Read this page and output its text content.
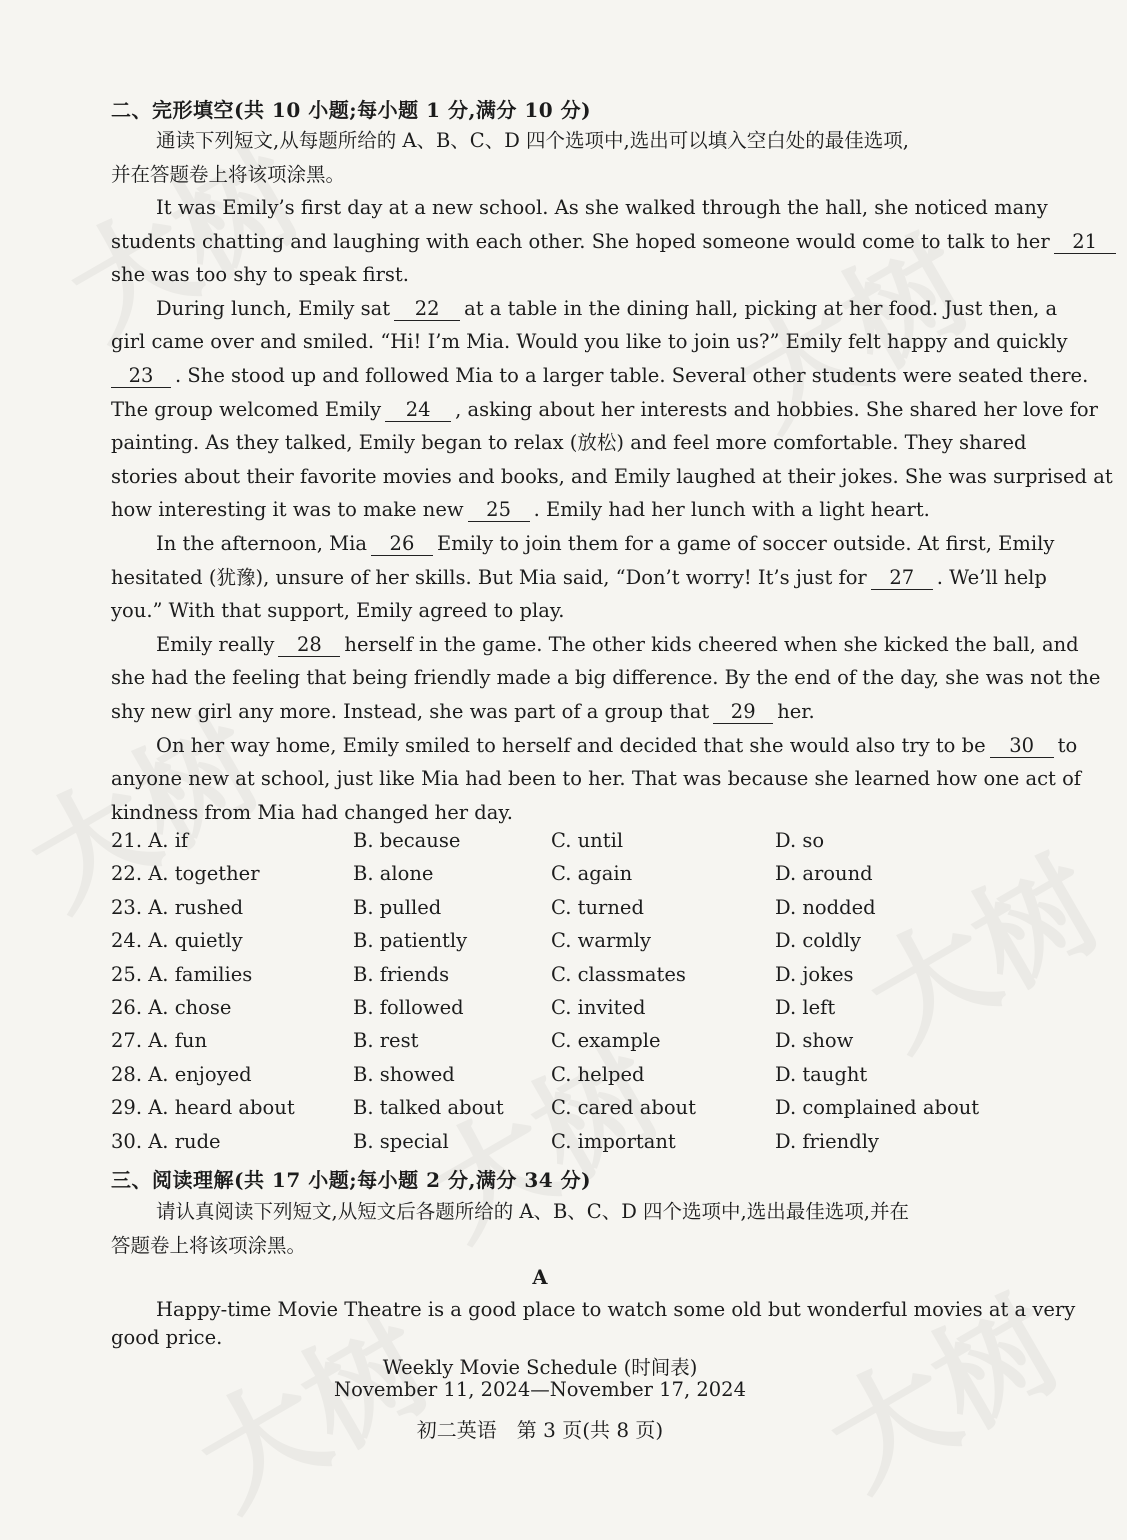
二、完形填空(共 10 小题;每小题 1 分,满分 10 分)
通读下列短文,从每题所给的 A、B、C、D 四个选项中,选出可以填入空白处的最佳选项,
并在答题卷上将该项涂黑。
It was Emily’s first day at a new school. As she walked through the hall, she noticed many
students chatting and laughing with each other. She hoped someone would come to talk to her 21
she was too shy to speak first.
During lunch, Emily sat 22 at a table in the dining hall, picking at her food. Just then, a
girl came over and smiled. “Hi! I’m Mia. Would you like to join us?” Emily felt happy and quickly
23 . She stood up and followed Mia to a larger table. Several other students were seated there.
The group welcomed Emily 24 , asking about her interests and hobbies. She shared her love for
painting. As they talked, Emily began to relax (放松) and feel more comfortable. They shared
stories about their favorite movies and books, and Emily laughed at their jokes. She was surprised at
how interesting it was to make new 25 . Emily had her lunch with a light heart.
In the afternoon, Mia 26 Emily to join them for a game of soccer outside. At first, Emily
hesitated (犹豫), unsure of her skills. But Mia said, “Don’t worry! It’s just for 27 . We’ll help
you.” With that support, Emily agreed to play.
Emily really 28 herself in the game. The other kids cheered when she kicked the ball, and
she had the feeling that being friendly made a big difference. By the end of the day, she was not the
shy new girl any more. Instead, she was part of a group that 29 her.
On her way home, Emily smiled to herself and decided that she would also try to be 30 to
anyone new at school, just like Mia had been to her. That was because she learned how one act of
kindness from Mia had changed her day.
21. A. if	B. because	C. until	D. so
22. A. together	B. alone	C. again	D. around
23. A. rushed	B. pulled	C. turned	D. nodded
24. A. quietly	B. patiently	C. warmly	D. coldly
25. A. families	B. friends	C. classmates	D. jokes
26. A. chose	B. followed	C. invited	D. left
27. A. fun	B. rest	C. example	D. show
28. A. enjoyed	B. showed	C. helped	D. taught
29. A. heard about	B. talked about C. cared about	D. complained about
30. A. rude	B. special	C. important	D. friendly
三、阅读理解(共 17 小题;每小题 2 分,满分 34 分)
请认真阅读下列短文,从短文后各题所给的 A、B、C、D 四个选项中,选出最佳选项,并在
答题卷上将该项涂黑。
A
Happy-time Movie Theatre is a good place to watch some old but wonderful movies at a very
good price.
Weekly Movie Schedule (时间表)
November 11, 2024—November 17, 2024
初二英语　第 3 页(共 8 页)
